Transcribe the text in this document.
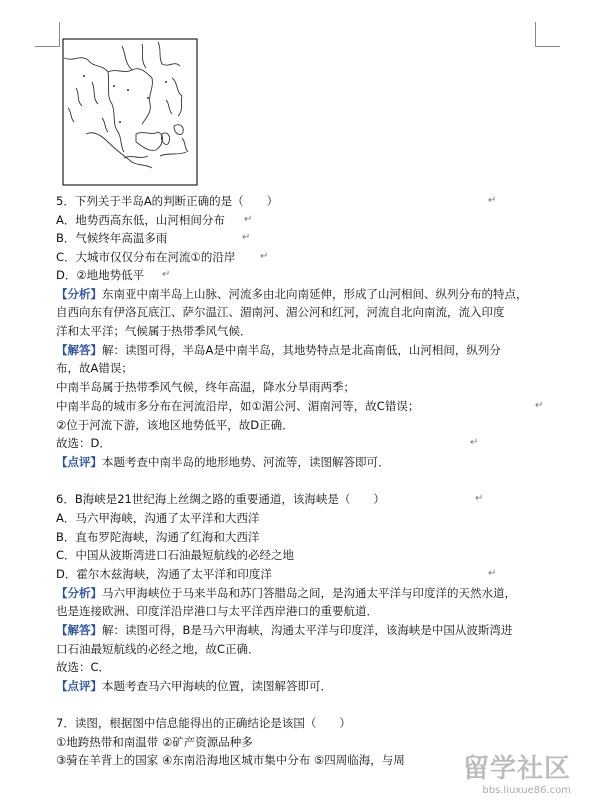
5．下列关于半岛A的判断正确的是（　　）	↵
A．地势西高东低，山河相间分布 ↵
B．气候终年高温多雨	↵
C．大城市仅仅分布在河流①的沿岸 ↵
D．②地地势低平 ↵
【分析】东南亚中南半岛上山脉、河流多由北向南延伸，形成了山河相间、纵列分布的特点，
自西向东有伊洛瓦底江、萨尔温江、湄南河、湄公河和红河，河流自北向南流，流入印度
洋和太平洋；气候属于热带季风气候．
【解答】解：读图可得，半岛A是中南半岛，其地势特点是北高南低，山河相间，纵列分
布，故A错误；
中南半岛属于热带季风气候，终年高温，降水分旱雨两季；
中南半岛的城市多分布在河流沿岸，如①湄公河、湄南河等，故C错误；	↵
②位于河流下游，该地区地势低平，故D正确．
故选：D．	↵
【点评】本题考查中南半岛的地形地势、河流等，读图解答即可．
6．B海峡是21世纪海上丝绸之路的重要通道，该海峡是（　　）	↵
A．马六甲海峡，沟通了太平洋和大西洋
B．直布罗陀海峡，沟通了红海和大西洋
C．中国从波斯湾进口石油最短航线的必经之地
D．霍尔木兹海峡，沟通了太平洋和印度洋	↵
【分析】马六甲海峡位于马来半岛和苏门答腊岛之间，是沟通太平洋与印度洋的天然水道，
也是连接欧洲、印度洋沿岸港口与太平洋西岸港口的重要航道．
【解答】解：读图可得，B是马六甲海峡，沟通太平洋与印度洋，该海峡是中国从波斯湾进
口石油最短航线的必经之地，故C正确．
故选：C．
【点评】本题考查马六甲海峡的位置，读图解答即可．
7．读图，根据图中信息能得出的正确结论是该国（　　）
①地跨热带和南温带 ②矿产资源品种多
③骑在羊背上的国家 ④东南沿海地区城市集中分布 ⑤四周临海，与周 留学社区
bbs.liuxue86.com
